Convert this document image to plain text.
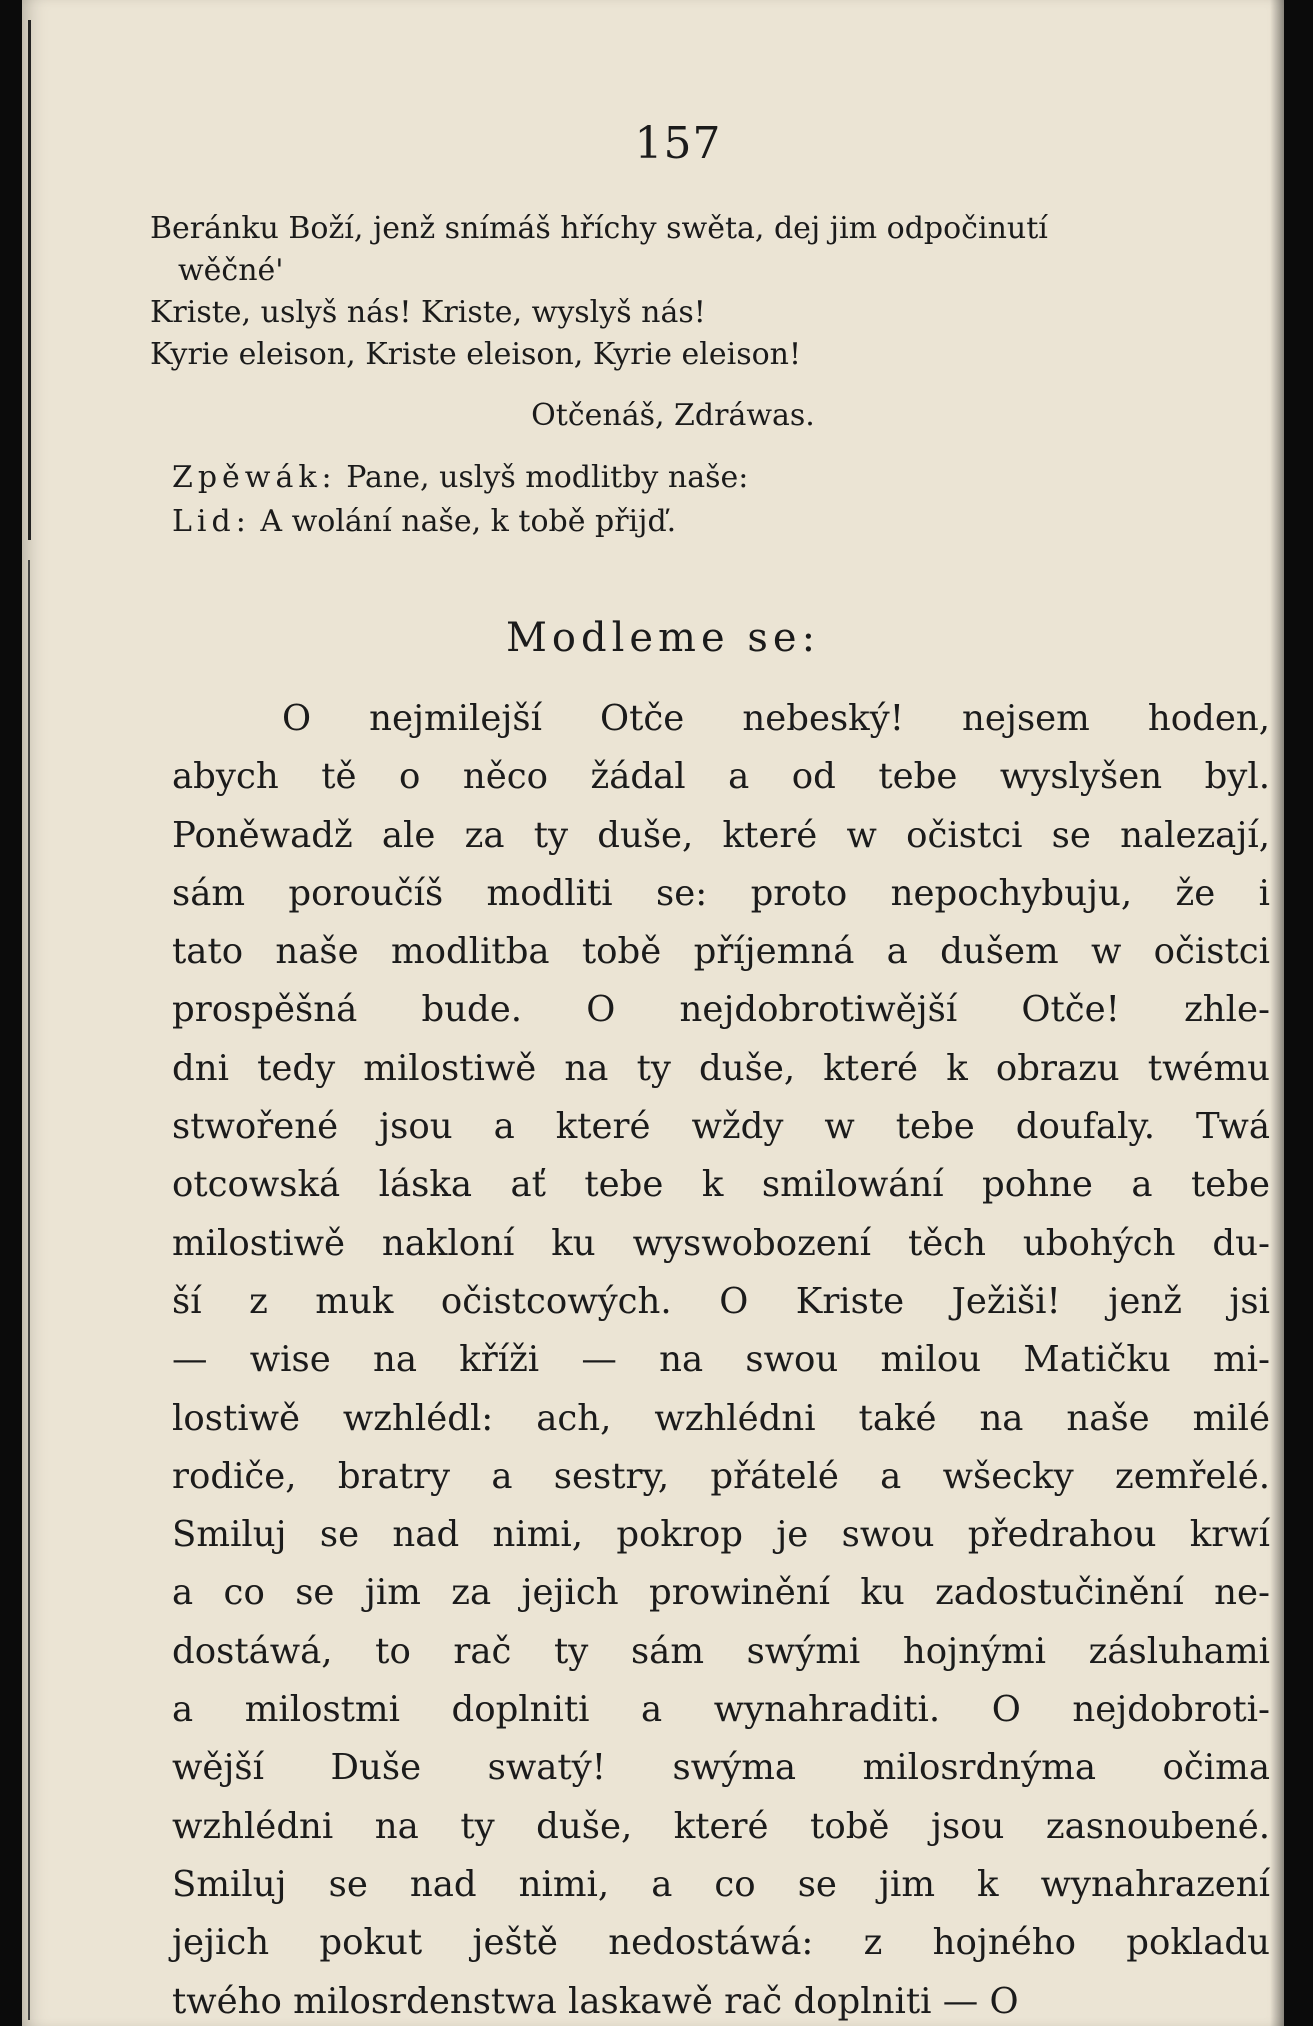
157
Beránku Boží, jenž snímáš hříchy swěta, dej jim odpočinutí
wěčné'
Kriste, uslyš nás! Kriste, wyslyš nás!
Kyrie eleison, Kriste eleison, Kyrie eleison!
Otčenáš, Zdráwas.
Zpěwák: Pane, uslyš modlitby naše:
Lid: A wolání naše, k tobě přijď.
Modleme se:
O nejmilejší Otče nebeský! nejsem hoden,
abych tě o něco žádal a od tebe wyslyšen byl.
Poněwadž ale za ty duše, které w očistci se nalezají,
sám poroučíš modliti se: proto nepochybuju, že i
tato naše modlitba tobě příjemná a dušem w očistci
prospěšná bude. O nejdobrotiwější Otče! zhle-
dni tedy milostiwě na ty duše, které k obrazu twému
stwořené jsou a které wždy w tebe doufaly. Twá
otcowská láska ať tebe k smilowání pohne a tebe
milostiwě nakloní ku wyswobození těch ubohých du-
ší z muk očistcowých. O Kriste Ježiši! jenž jsi
— wise na kříži — na swou milou Matičku mi-
lostiwě wzhlédl: ach, wzhlédni také na naše milé
rodiče, bratry a sestry, přátelé a wšecky zemřelé.
Smiluj se nad nimi, pokrop je swou předrahou krwí
a co se jim za jejich prowinění ku zadostučinění ne-
dostáwá, to rač ty sám swými hojnými zásluhami
a milostmi doplniti a wynahraditi. O nejdobroti-
wější Duše swatý! swýma milosrdnýma očima
wzhlédni na ty duše, které tobě jsou zasnoubené.
Smiluj se nad nimi, a co se jim k wynahrazení
jejich pokut ještě nedostáwá: z hojného pokladu
twého milosrdenstwa laskawě rač doplniti — O
